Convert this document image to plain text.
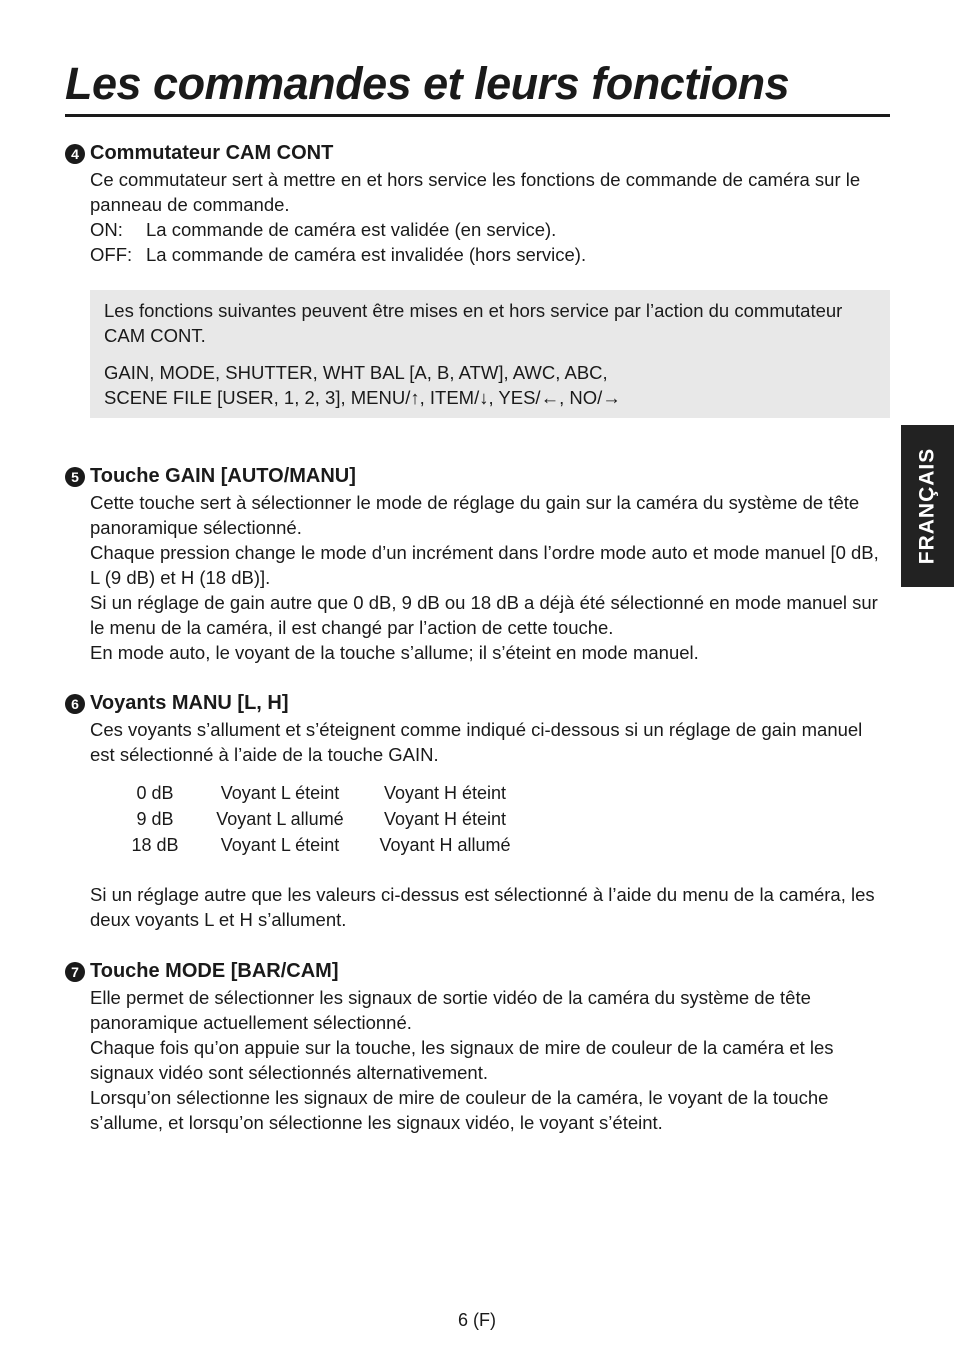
Les commandes et leurs fonctions
FRANÇAIS
4 Commutateur CAM CONT

Ce commutateur sert à mettre en et hors service les fonctions de commande de caméra sur le panneau de commande.

ON:	La commande de caméra est validée (en service).
OFF: La commande de caméra est invalidée (hors service).

Les fonctions suivantes peuvent être mises en et hors service par l’action du commutateur CAM CONT.

GAIN, MODE, SHUTTER, WHT BAL [A, B, ATW], AWC, ABC,

SCENE FILE [USER, 1, 2, 3], MENU/↑, ITEM/↓, YES/←, NO/→

5 Touche GAIN [AUTO/MANU]

Cette touche sert à sélectionner le mode de réglage du gain sur la caméra du système de tête panoramique sélectionné.

Chaque pression change le mode d’un incrément dans l’ordre mode auto et mode manuel [0 dB, L (9 dB) et H (18 dB)].

Si un réglage de gain autre que 0 dB, 9 dB ou 18 dB a déjà été sélectionné en mode manuel sur le menu de la caméra, il est changé par l’action de cette touche.

En mode auto, le voyant de la touche s’allume; il s’éteint en mode manuel.

6 Voyants MANU [L, H]

Ces voyants s’allument et s’éteignent comme indiqué ci-dessous si un réglage de gain manuel est sélectionné à l’aide de la touche GAIN.

0 dB	Voyant L éteint	Voyant H éteint
9 dB	Voyant L allumé	Voyant H éteint
18 dB	Voyant L éteint	Voyant H allumé

Si un réglage autre que les valeurs ci-dessus est sélectionné à l’aide du menu de la caméra, les deux voyants L et H s’allument.

7 Touche MODE [BAR/CAM]

Elle permet de sélectionner les signaux de sortie vidéo de la caméra du système de tête panoramique actuellement sélectionné.

Chaque fois qu’on appuie sur la touche, les signaux de mire de couleur de la caméra et les signaux vidéo sont sélectionnés alternativement.

Lorsqu’on sélectionne les signaux de mire de couleur de la caméra, le voyant de la touche s’allume, et lorsqu’on sélectionne les signaux vidéo, le voyant s’éteint.

6 (F)
